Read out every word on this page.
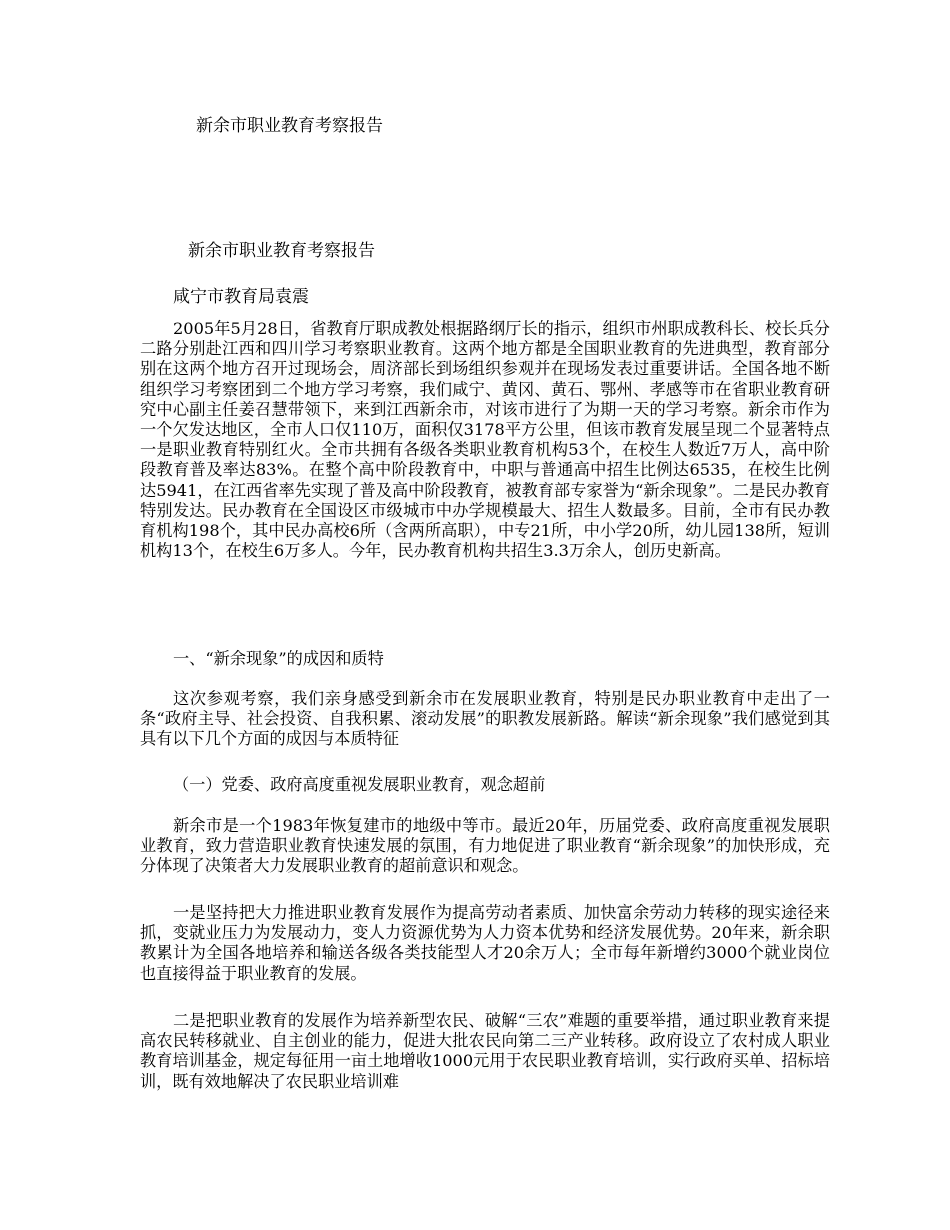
新余市职业教育考察报告
新余市职业教育考察报告
咸宁市教育局袁震

2005年5月28日，省教育厅职成教处根据路纲厅长的指示，组织市州职成教科长、校长兵分二路分别赴江西和四川学习考察职业教育。这两个地方都是全国职业教育的先进典型，教育部分别在这两个地方召开过现场会，周济部长到场组织参观并在现场发表过重要讲话。全国各地不断组织学习考察团到二个地方学习考察，我们咸宁、黄冈、黄石、鄂州、孝感等市在省职业教育研究中心副主任姜召慧带领下，来到江西新余市，对该市进行了为期一天的学习考察。新余市作为一个欠发达地区，全市人口仅110万，面积仅3178平方公里，但该市教育发展呈现二个显著特点一是职业教育特别红火。全市共拥有各级各类职业教育机构53个，在校生人数近7万人，高中阶段教育普及率达83%。在整个高中阶段教育中，中职与普通高中招生比例达6535，在校生比例达5941，在江西省率先实现了普及高中阶段教育，被教育部专家誉为“新余现象”。二是民办教育特别发达。民办教育在全国设区市级城市中办学规模最大、招生人数最多。目前，全市有民办教育机构198个，其中民办高校6所（含两所高职），中专21所，中小学20所，幼儿园138所，短训机构13个，在校生6万多人。今年，民办教育机构共招生3.3万余人，创历史新高。

一、“新余现象”的成因和质特

这次参观考察，我们亲身感受到新余市在发展职业教育，特别是民办职业教育中走出了一条“政府主导、社会投资、自我积累、滚动发展”的职教发展新路。解读“新余现象”我们感觉到其具有以下几个方面的成因与本质特征

（一）党委、政府高度重视发展职业教育，观念超前

新余市是一个1983年恢复建市的地级中等市。最近20年，历届党委、政府高度重视发展职业教育，致力营造职业教育快速发展的氛围，有力地促进了职业教育“新余现象”的加快形成，充分体现了决策者大力发展职业教育的超前意识和观念。

一是坚持把大力推进职业教育发展作为提高劳动者素质、加快富余劳动力转移的现实途径来抓，变就业压力为发展动力，变人力资源优势为人力资本优势和经济发展优势。20年来，新余职教累计为全国各地培养和输送各级各类技能型人才20余万人；全市每年新增约3000个就业岗位也直接得益于职业教育的发展。

二是把职业教育的发展作为培养新型农民、破解“三农”难题的重要举措，通过职业教育来提高农民转移就业、自主创业的能力，促进大批农民向第二三产业转移。政府设立了农村成人职业教育培训基金，规定每征用一亩土地增收1000元用于农民职业教育培训，实行政府买单、招标培训，既有效地解决了农民职业培训难
